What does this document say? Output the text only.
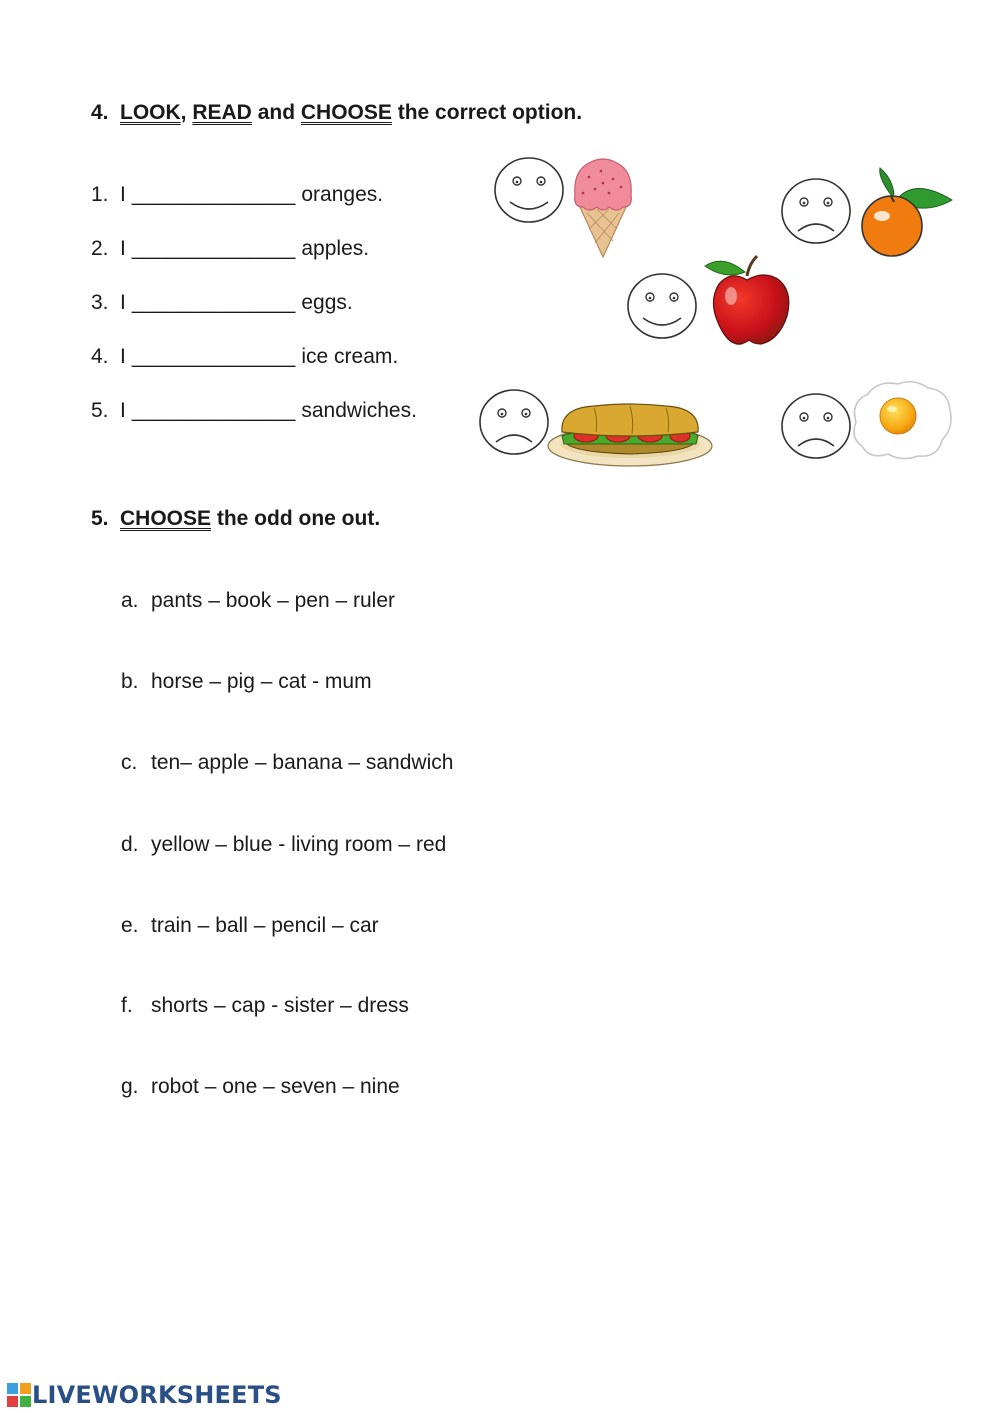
4. LOOK, READ and CHOOSE the correct option.
1. I ______________ oranges.
2. I ______________ apples.
3. I ______________ eggs.
4. I ______________ ice cream.
5. I ______________ sandwiches.
5. CHOOSE the odd one out.
a. pants – book – pen – ruler
b. horse – pig – cat - mum
c. ten– apple – banana – sandwich
d. yellow – blue - living room – red
e. train – ball – pencil – car
f. shorts – cap - sister – dress
g. robot – one – seven – nine
LIVEWORKSHEETS
